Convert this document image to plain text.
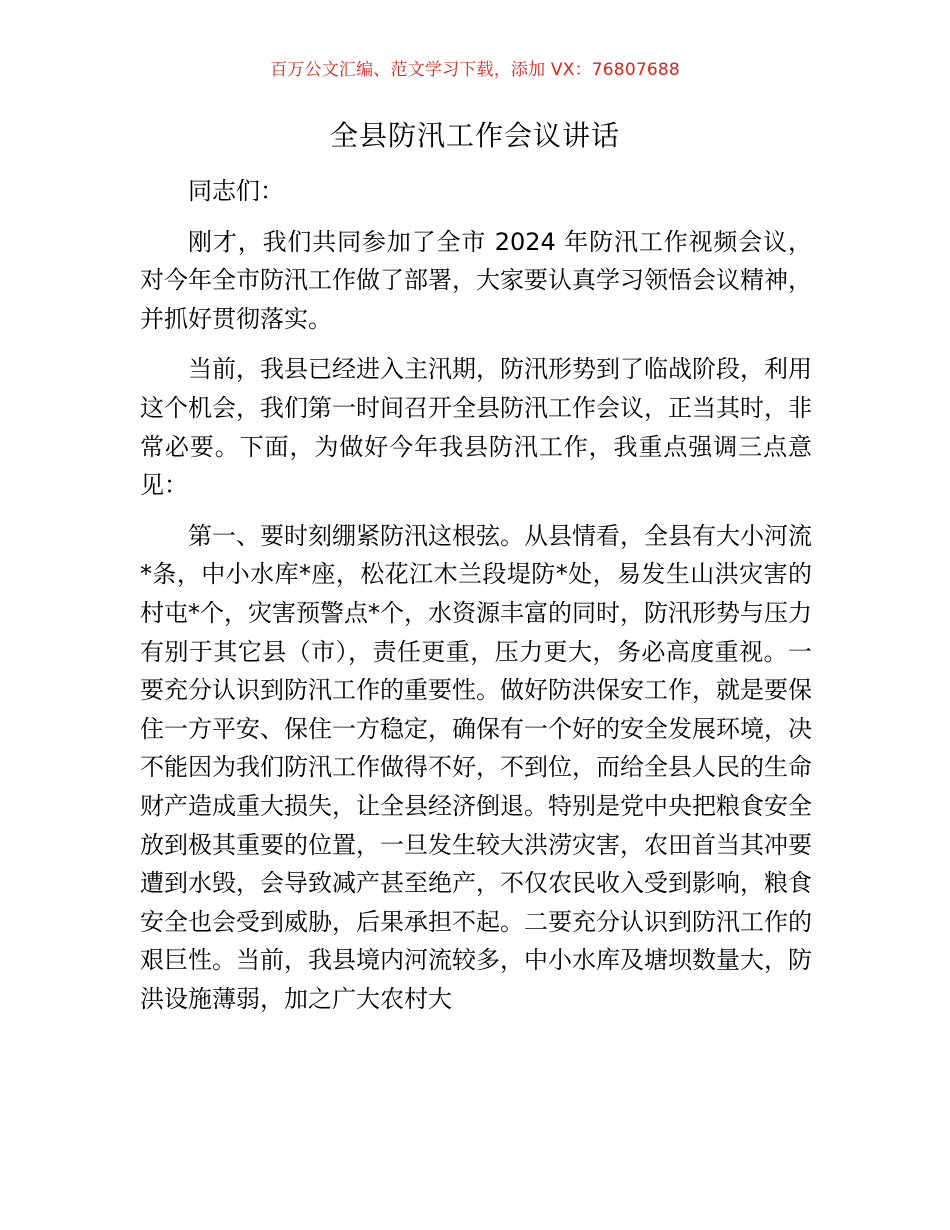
百万公文汇编、范文学习下载，添加 VX：76807688
全县防汛工作会议讲话

同志们：

刚才，我们共同参加了全市 2024 年防汛工作视频会议，对今年全市防汛工作做了部署，大家要认真学习领悟会议精神，并抓好贯彻落实。

当前，我县已经进入主汛期，防汛形势到了临战阶段，利用这个机会，我们第一时间召开全县防汛工作会议，正当其时，非常必要。下面，为做好今年我县防汛工作，我重点强调三点意见：

第一、要时刻绷紧防汛这根弦。从县情看，全县有大小河流*条，中小水库*座，松花江木兰段堤防*处，易发生山洪灾害的村屯*个，灾害预警点*个，水资源丰富的同时，防汛形势与压力有别于其它县（市），责任更重，压力更大，务必高度重视。一要充分认识到防汛工作的重要性。做好防洪保安工作，就是要保住一方平安、保住一方稳定，确保有一个好的安全发展环境，决不能因为我们防汛工作做得不好，不到位，而给全县人民的生命财产造成重大损失，让全县经济倒退。特别是党中央把粮食安全放到极其重要的位置，一旦发生较大洪涝灾害，农田首当其冲要遭到水毁，会导致减产甚至绝产，不仅农民收入受到影响，粮食安全也会受到威胁，后果承担不起。二要充分认识到防汛工作的艰巨性。当前，我县境内河流较多，中小水库及塘坝数量大，防洪设施薄弱，加之广大农村大
